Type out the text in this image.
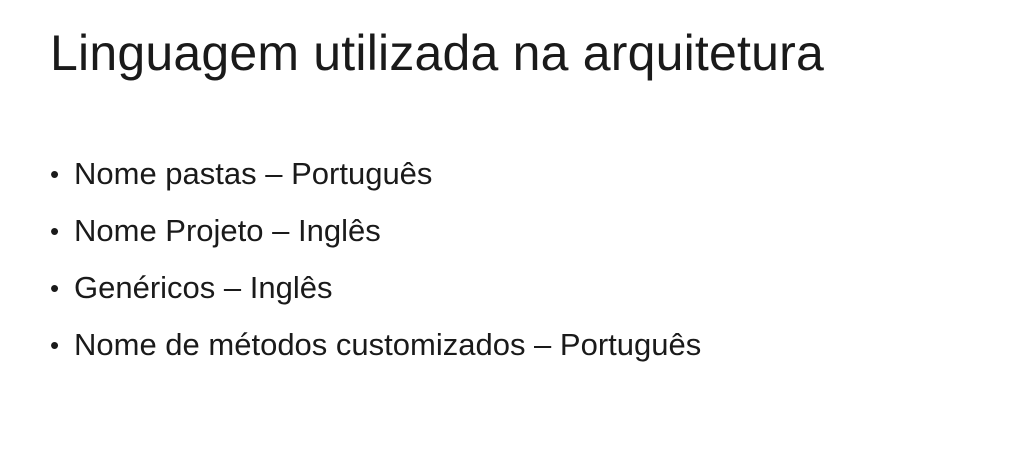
Linguagem utilizada na arquitetura
• Nome pastas – Português
• Nome Projeto – Inglês
• Genéricos – Inglês
• Nome de métodos customizados – Português
